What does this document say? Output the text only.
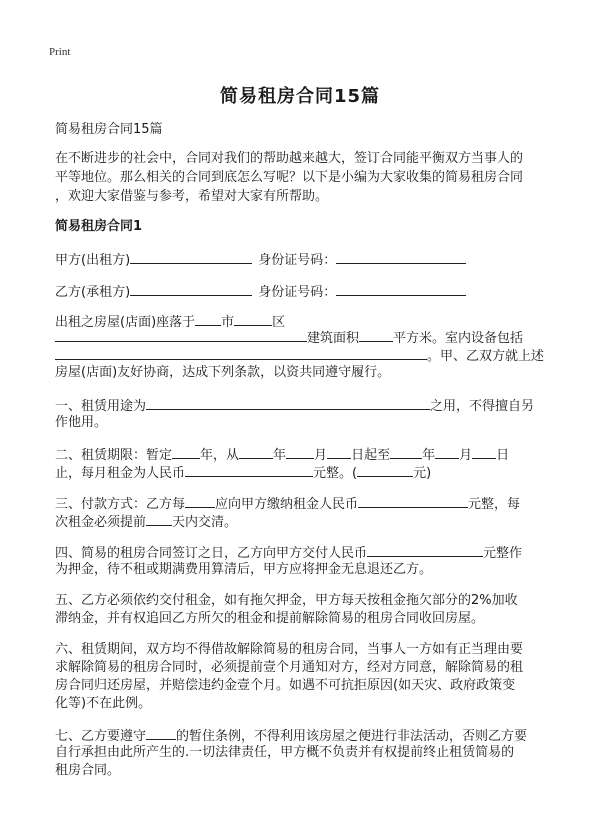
Print
简易租房合同15篇
简易租房合同15篇
在不断进步的社会中，合同对我们的帮助越来越大，签订合同能平衡双方当事人的
平等地位。那么相关的合同到底怎么写呢？以下是小编为大家收集的简易租房合同
，欢迎大家借鉴与参考，希望对大家有所帮助。
简易租房合同1
甲方(出租方)	身份证号码：
乙方(承租方)	身份证号码：
出租之房屋(店面)座落于 市	区
建筑面积	平方米。室内设备包括
。甲、乙双方就上述
房屋(店面)友好协商，达成下列条款，以资共同遵守履行。
一、租赁用途为	之用，不得擅自另
作他用。
二、租赁期限：暂定 年，从	年 月 日起至 年 月 日
止，每月租金为人民币	元整。(	元)
三、付款方式：乙方每 应向甲方缴纳租金人民币	元整，每
次租金必须提前 天内交清。
四、简易的租房合同签订之日，乙方向甲方交付人民币	元整作
为押金，待不租或期满费用算清后，甲方应将押金无息退还乙方。
五、乙方必须依约交付租金，如有拖欠押金，甲方每天按租金拖欠部分的2%加收
滞纳金，并有权追回乙方所欠的租金和提前解除简易的租房合同收回房屋。
六、租赁期间，双方均不得借故解除简易的租房合同，当事人一方如有正当理由要
求解除简易的租房合同时，必须提前壹个月通知对方，经对方同意，解除简易的租
房合同归还房屋，并赔偿违约金壹个月。如遇不可抗拒原因(如天灾、政府政策变
化等)不在此例。
七、乙方要遵守 的暂住条例，不得利用该房屋之便进行非法活动，否则乙方要
自行承担由此所产生的.一切法律责任，甲方概不负责并有权提前终止租赁简易的
租房合同。
